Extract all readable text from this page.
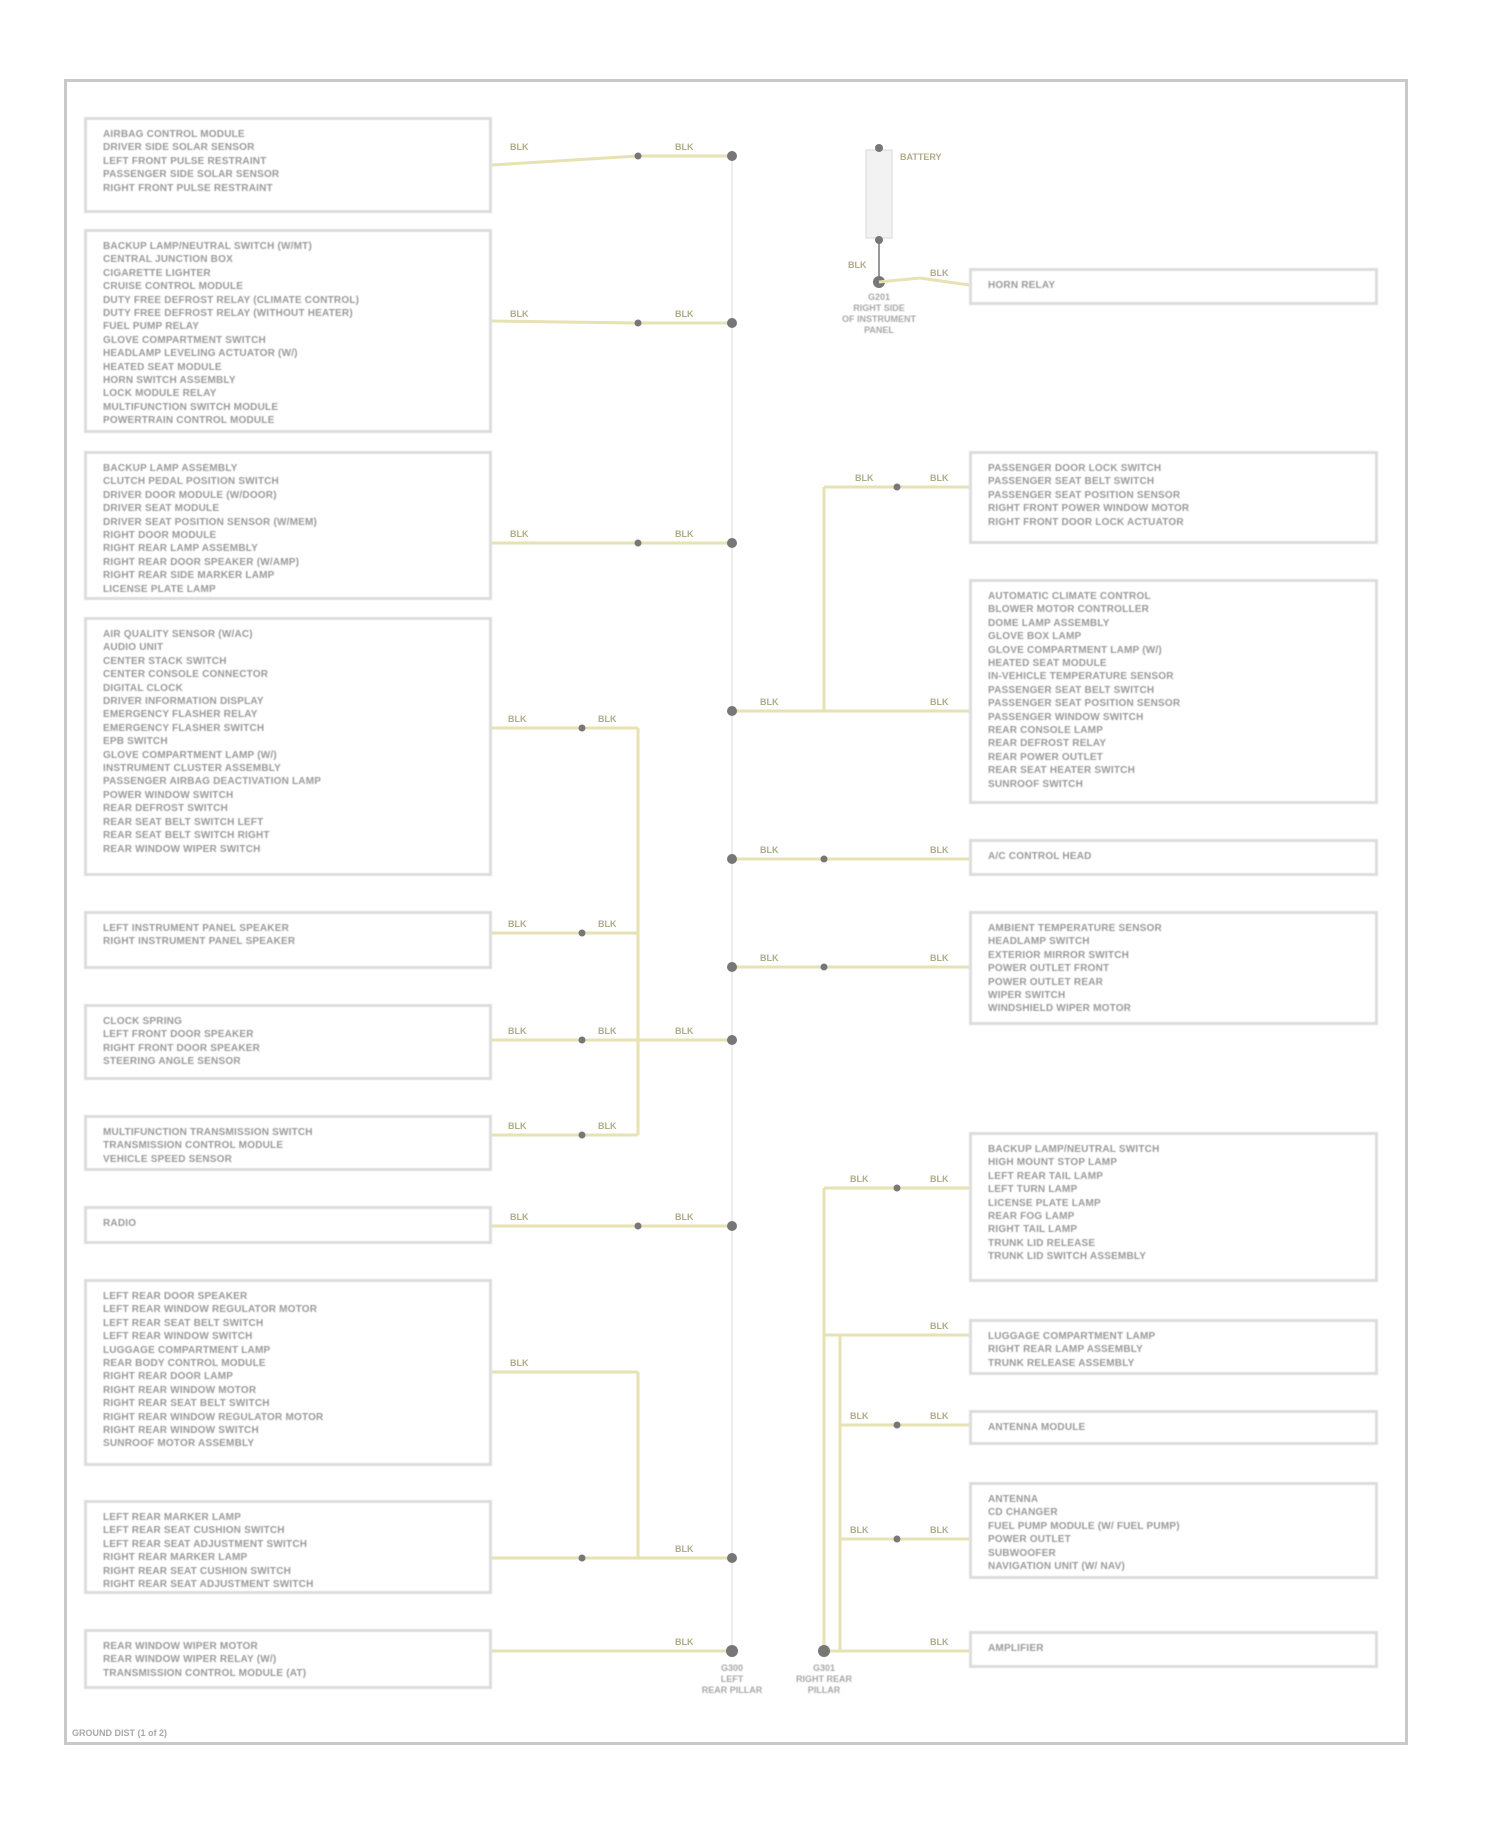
BLK	BLK
BLK	BLK
BLK	BLK
BLK	BLK
BLK	BLK
BLK	BLK
BLK	BLK
BLK	BLK
BLK
BLK
BLK
BLK
BLK	BLK
BLK	BLK
BLK	BLK
BLK	BLK
BLK	BLK
BLK
BLK	BLK
BLK	BLK
BLK
BLK
BATTERY
BLK
AIRBAG CONTROL MODULE
DRIVER SIDE SOLAR SENSOR
LEFT FRONT PULSE RESTRAINT
PASSENGER SIDE SOLAR SENSOR
RIGHT FRONT PULSE RESTRAINT
BACKUP LAMP/NEUTRAL SWITCH (W/MT)
CENTRAL JUNCTION BOX
CIGARETTE LIGHTER
CRUISE CONTROL MODULE
DUTY FREE DEFROST RELAY (CLIMATE CONTROL)
DUTY FREE DEFROST RELAY (WITHOUT HEATER)
FUEL PUMP RELAY
GLOVE COMPARTMENT SWITCH
HEADLAMP LEVELING ACTUATOR (W/)
HEATED SEAT MODULE
HORN SWITCH ASSEMBLY
LOCK MODULE RELAY
MULTIFUNCTION SWITCH MODULE
POWERTRAIN CONTROL MODULE
BACKUP LAMP ASSEMBLY
CLUTCH PEDAL POSITION SWITCH
DRIVER DOOR MODULE (W/DOOR)
DRIVER SEAT MODULE
DRIVER SEAT POSITION SENSOR (W/MEM)
RIGHT DOOR MODULE
RIGHT REAR LAMP ASSEMBLY
RIGHT REAR DOOR SPEAKER (W/AMP)
RIGHT REAR SIDE MARKER LAMP
LICENSE PLATE LAMP
AIR QUALITY SENSOR (W/AC)
AUDIO UNIT
CENTER STACK SWITCH
CENTER CONSOLE CONNECTOR
DIGITAL CLOCK
DRIVER INFORMATION DISPLAY
EMERGENCY FLASHER RELAY
EMERGENCY FLASHER SWITCH
EPB SWITCH
GLOVE COMPARTMENT LAMP (W/)
INSTRUMENT CLUSTER ASSEMBLY
PASSENGER AIRBAG DEACTIVATION LAMP
POWER WINDOW SWITCH
REAR DEFROST SWITCH
REAR SEAT BELT SWITCH LEFT
REAR SEAT BELT SWITCH RIGHT
REAR WINDOW WIPER SWITCH
LEFT INSTRUMENT PANEL SPEAKER
RIGHT INSTRUMENT PANEL SPEAKER
CLOCK SPRING
LEFT FRONT DOOR SPEAKER
RIGHT FRONT DOOR SPEAKER
STEERING ANGLE SENSOR
MULTIFUNCTION TRANSMISSION SWITCH
TRANSMISSION CONTROL MODULE
VEHICLE SPEED SENSOR
RADIO
LEFT REAR DOOR SPEAKER
LEFT REAR WINDOW REGULATOR MOTOR
LEFT REAR SEAT BELT SWITCH
LEFT REAR WINDOW SWITCH
LUGGAGE COMPARTMENT LAMP
REAR BODY CONTROL MODULE
RIGHT REAR DOOR LAMP
RIGHT REAR WINDOW MOTOR
RIGHT REAR SEAT BELT SWITCH
RIGHT REAR WINDOW REGULATOR MOTOR
RIGHT REAR WINDOW SWITCH
SUNROOF MOTOR ASSEMBLY
LEFT REAR MARKER LAMP
LEFT REAR SEAT CUSHION SWITCH
LEFT REAR SEAT ADJUSTMENT SWITCH
RIGHT REAR MARKER LAMP
RIGHT REAR SEAT CUSHION SWITCH
RIGHT REAR SEAT ADJUSTMENT SWITCH
REAR WINDOW WIPER MOTOR
REAR WINDOW WIPER RELAY (W/)
TRANSMISSION CONTROL MODULE (AT)
HORN RELAY
PASSENGER DOOR LOCK SWITCH
PASSENGER SEAT BELT SWITCH
PASSENGER SEAT POSITION SENSOR
RIGHT FRONT POWER WINDOW MOTOR
RIGHT FRONT DOOR LOCK ACTUATOR
AUTOMATIC CLIMATE CONTROL
BLOWER MOTOR CONTROLLER
DOME LAMP ASSEMBLY
GLOVE BOX LAMP
GLOVE COMPARTMENT LAMP (W/)
HEATED SEAT MODULE
IN-VEHICLE TEMPERATURE SENSOR
PASSENGER SEAT BELT SWITCH
PASSENGER SEAT POSITION SENSOR
PASSENGER WINDOW SWITCH
REAR CONSOLE LAMP
REAR DEFROST RELAY
REAR POWER OUTLET
REAR SEAT HEATER SWITCH
SUNROOF SWITCH
A/C CONTROL HEAD
AMBIENT TEMPERATURE SENSOR
HEADLAMP SWITCH
EXTERIOR MIRROR SWITCH
POWER OUTLET FRONT
POWER OUTLET REAR
WIPER SWITCH
WINDSHIELD WIPER MOTOR
BACKUP LAMP/NEUTRAL SWITCH
HIGH MOUNT STOP LAMP
LEFT REAR TAIL LAMP
LEFT TURN LAMP
LICENSE PLATE LAMP
REAR FOG LAMP
RIGHT TAIL LAMP
TRUNK LID RELEASE
TRUNK LID SWITCH ASSEMBLY
LUGGAGE COMPARTMENT LAMP
RIGHT REAR LAMP ASSEMBLY
TRUNK RELEASE ASSEMBLY
ANTENNA MODULE
ANTENNA
CD CHANGER
FUEL PUMP MODULE (W/ FUEL PUMP)
POWER OUTLET
SUBWOOFER
NAVIGATION UNIT (W/ NAV)
AMPLIFIER
GROUND DIST (1 of 2)
G201
RIGHT SIDE
OF INSTRUMENT
PANEL
G300
LEFT
REAR PILLAR
G301
RIGHT REAR
PILLAR
